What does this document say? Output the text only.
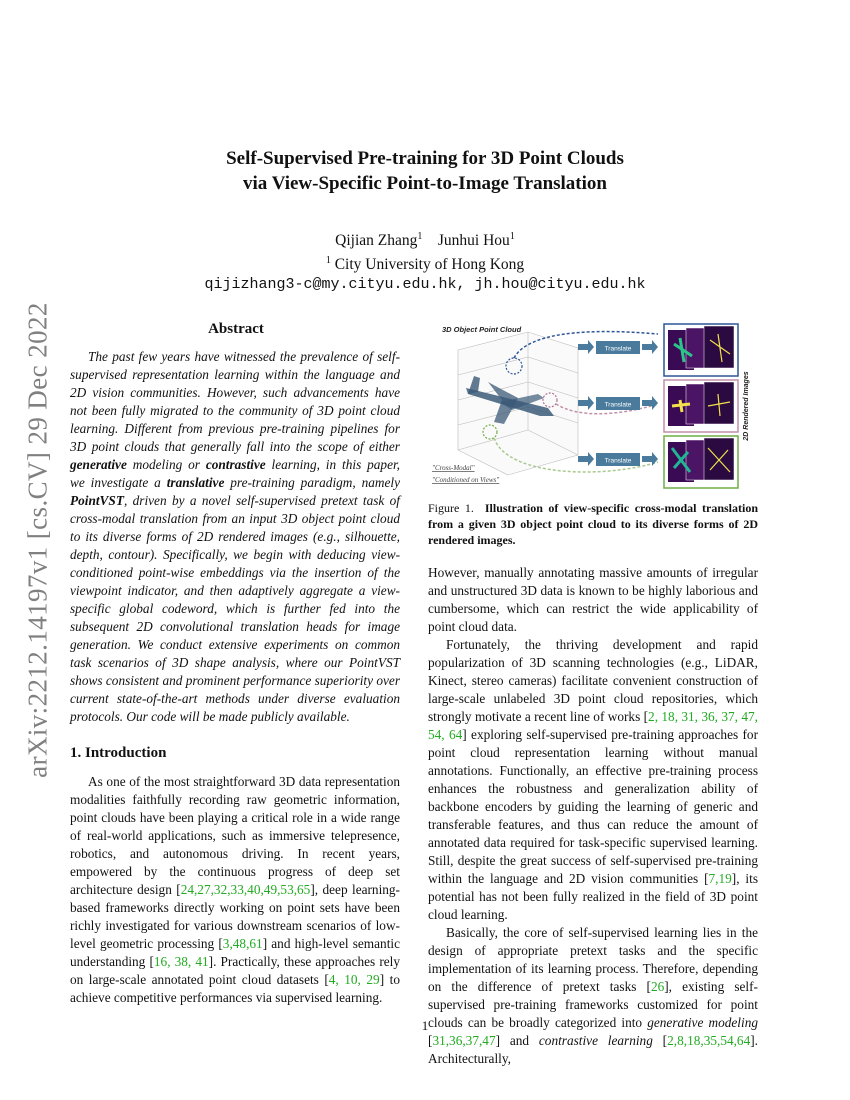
arXiv:2212.14197v1 [cs.CV] 29 Dec 2022
Self-Supervised Pre-training for 3D Point Clouds
via View-Specific Point-to-Image Translation
Qijian Zhang$^1$ Junhui Hou$^1$
$^1$ City University of Hong Kong
qijizhang3-c@my.cityu.edu.hk, jh.hou@cityu.edu.hk
Abstract

The past few years have witnessed the prevalence of self-supervised representation learning within the language and 2D vision communities. However, such advancements have not been fully migrated to the community of 3D point cloud learning. Different from previous pre-training pipelines for 3D point clouds that generally fall into the scope of either generative modeling or contrastive learning, in this paper, we investigate a translative pre-training paradigm, namely PointVST, driven by a novel self-supervised pretext task of cross-modal translation from an input 3D object point cloud to its diverse forms of 2D rendered images (e.g., silhouette, depth, contour). Specifically, we begin with deducing view-conditioned point-wise embeddings via the insertion of the viewpoint indicator, and then adaptively aggregate a view-specific global codeword, which is further fed into the subsequent 2D convolutional translation heads for image generation. We conduct extensive experiments on common task scenarios of 3D shape analysis, where our PointVST shows consistent and prominent performance superiority over current state-of-the-art methods under diverse evaluation protocols. Our code will be made publicly available.

1. Introduction

As one of the most straightforward 3D data representation modalities faithfully recording raw geometric information, point clouds have been playing a critical role in a wide range of real-world applications, such as immersive telepresence, robotics, and autonomous driving. In recent years, empowered by the continuous progress of deep set architecture design [24,27,32,33,40,49,53,65], deep learning-based frameworks directly working on point sets have been richly investigated for various downstream scenarios of low-level geometric processing [3,48,61] and high-level semantic understanding [16, 38, 41]. Practically, these approaches rely on large-scale annotated point cloud datasets [4, 10, 29] to achieve competitive performances via supervised learning.

3D Object Point Cloud
Translate
Translate
Translate
2D Rendered Images
"Cross-Modal"
"Conditioned on Views"
Figure 1. Illustration of view-specific cross-modal translation from a given 3D object point cloud to its diverse forms of 2D rendered images.

However, manually annotating massive amounts of irregular and unstructured 3D data is known to be highly laborious and cumbersome, which can restrict the wide applicability of point cloud data.

Fortunately, the thriving development and rapid popularization of 3D scanning technologies (e.g., LiDAR, Kinect, stereo cameras) facilitate convenient construction of large-scale unlabeled 3D point cloud repositories, which strongly motivate a recent line of works [2, 18, 31, 36, 37, 47, 54, 64] exploring self-supervised pre-training approaches for point cloud representation learning without manual annotations. Functionally, an effective pre-training process enhances the robustness and generalization ability of backbone encoders by guiding the learning of generic and transferable features, and thus can reduce the amount of annotated data required for task-specific supervised learning. Still, despite the great success of self-supervised pre-training within the language and 2D vision communities [7,19], its potential has not been fully realized in the field of 3D point cloud learning.

Basically, the core of self-supervised learning lies in the design of appropriate pretext tasks and the specific implementation of its learning process. Therefore, depending on the difference of pretext tasks [26], existing self-supervised pre-training frameworks customized for point clouds can be broadly categorized into generative modeling [31,36,37,47] and contrastive learning [2,8,18,35,54,64]. Architecturally,

1
